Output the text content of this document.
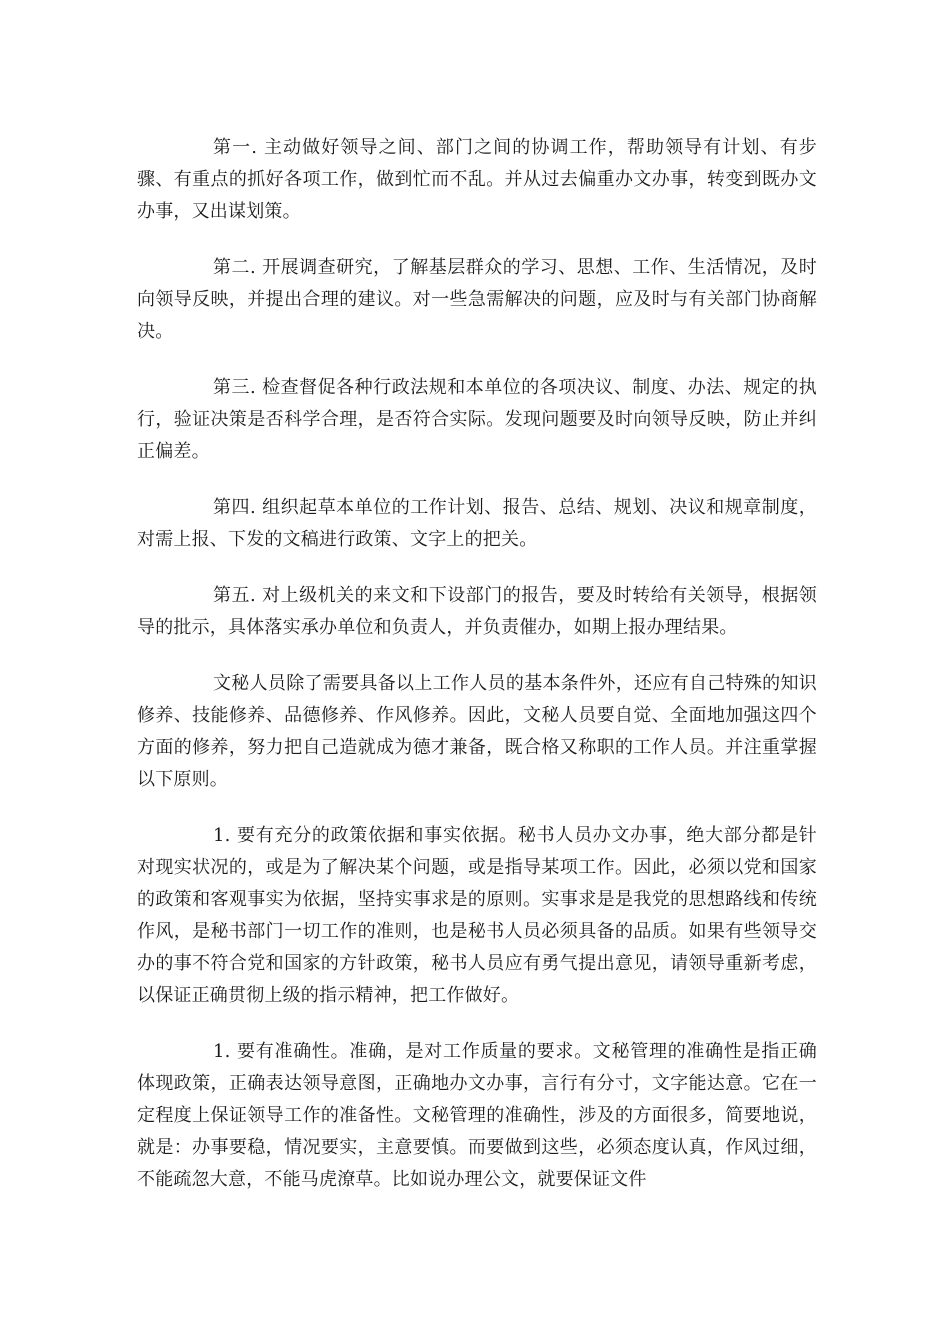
第一. 主动做好领导之间、部门之间的协调工作，帮助领导有计划、有步骤、有重点的抓好各项工作，做到忙而不乱。并从过去偏重办文办事，转变到既办文办事，又出谋划策。

第二. 开展调查研究，了解基层群众的学习、思想、工作、生活情况，及时向领导反映，并提出合理的建议。对一些急需解决的问题，应及时与有关部门协商解决。

第三. 检查督促各种行政法规和本单位的各项决议、制度、办法、规定的执行，验证决策是否科学合理，是否符合实际。发现问题要及时向领导反映，防止并纠正偏差。

第四. 组织起草本单位的工作计划、报告、总结、规划、决议和规章制度，对需上报、下发的文稿进行政策、文字上的把关。

第五. 对上级机关的来文和下设部门的报告，要及时转给有关领导，根据领导的批示，具体落实承办单位和负责人，并负责催办，如期上报办理结果。

文秘人员除了需要具备以上工作人员的基本条件外，还应有自己特殊的知识修养、技能修养、品德修养、作风修养。因此，文秘人员要自觉、全面地加强这四个方面的修养，努力把自己造就成为德才兼备，既合格又称职的工作人员。并注重掌握以下原则。

1. 要有充分的政策依据和事实依据。秘书人员办文办事，绝大部分都是针对现实状况的，或是为了解决某个问题，或是指导某项工作。因此，必须以党和国家的政策和客观事实为依据，坚持实事求是的原则。实事求是是我党的思想路线和传统作风，是秘书部门一切工作的准则，也是秘书人员必须具备的品质。如果有些领导交办的事不符合党和国家的方针政策，秘书人员应有勇气提出意见，请领导重新考虑，以保证正确贯彻上级的指示精神，把工作做好。

1. 要有准确性。准确，是对工作质量的要求。文秘管理的准确性是指正确体现政策，正确表达领导意图，正确地办文办事，言行有分寸，文字能达意。它在一定程度上保证领导工作的准备性。文秘管理的准确性，涉及的方面很多，简要地说，就是：办事要稳，情况要实，主意要慎。而要做到这些，必须态度认真，作风过细，不能疏忽大意，不能马虎潦草。比如说办理公文，就要保证文件
